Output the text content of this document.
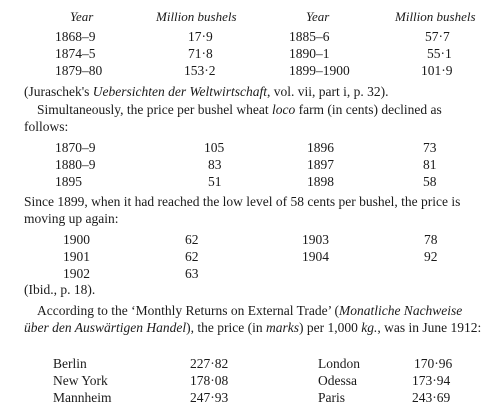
Year	Million bushels	Year	Million bushels
1868–9	17·9	1885–6	57·7
1874–5	71·8	1890–1	55·1
1879–80	153·2	1899–1900	101·9
(Juraschek's Uebersichten der Weltwirtschaft, vol. vii, part i, p. 32).
Simultaneously, the price per bushel wheat loco farm (in cents) declined as follows:
1870–9	105	1896	73
1880–9	83	1897	81
1895	51	1898	58
Since 1899, when it had reached the low level of 58 cents per bushel, the price is moving up again:
1900	62	1903	78
1901	62	1904	92
1902	63
(Ibid., p. 18).
According to the ‘Monthly Returns on External Trade’ (Monatliche Nachweise über den Auswärtigen Handel), the price (in marks) per 1,000 kg., was in June 1912:
Berlin	227·82	London	170·96
New York	178·08	Odessa	173·94
Mannheim	247·93	Paris	243·69
